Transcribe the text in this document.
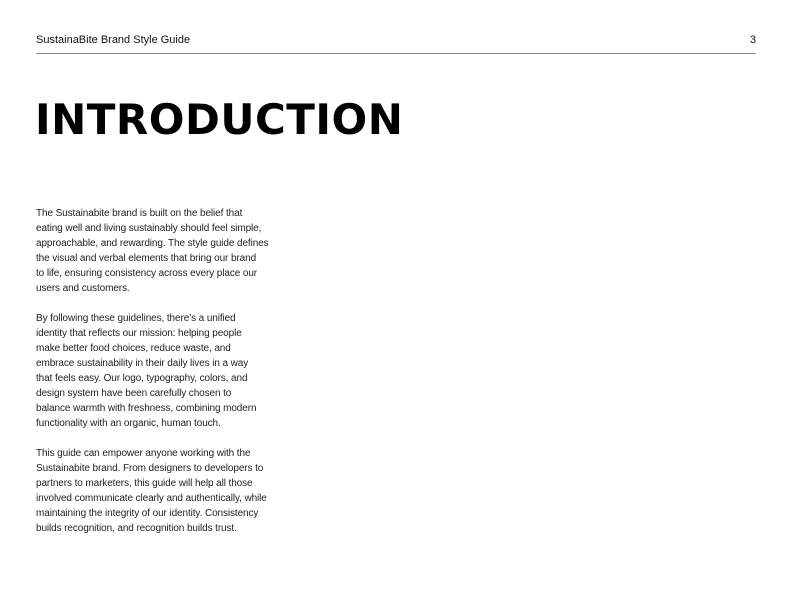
SustainaBite Brand Style Guide	3
INTRODUCTION

The Sustainabite brand is built on the belief that
eating well and living sustainably should feel simple,
approachable, and rewarding. The style guide defines
the visual and verbal elements that bring our brand
to life, ensuring consistency across every place our
users and customers.

By following these guidelines, there’s a unified
identity that reflects our mission: helping people
make better food choices, reduce waste, and
embrace sustainability in their daily lives in a way
that feels easy. Our logo, typography, colors, and
design system have been carefully chosen to
balance warmth with freshness, combining modern
functionality with an organic, human touch.

This guide can empower anyone working with the
Sustainabite brand. From designers to developers to
partners to marketers, this guide will help all those
involved communicate clearly and authentically, while
maintaining the integrity of our identity. Consistency
builds recognition, and recognition builds trust.
